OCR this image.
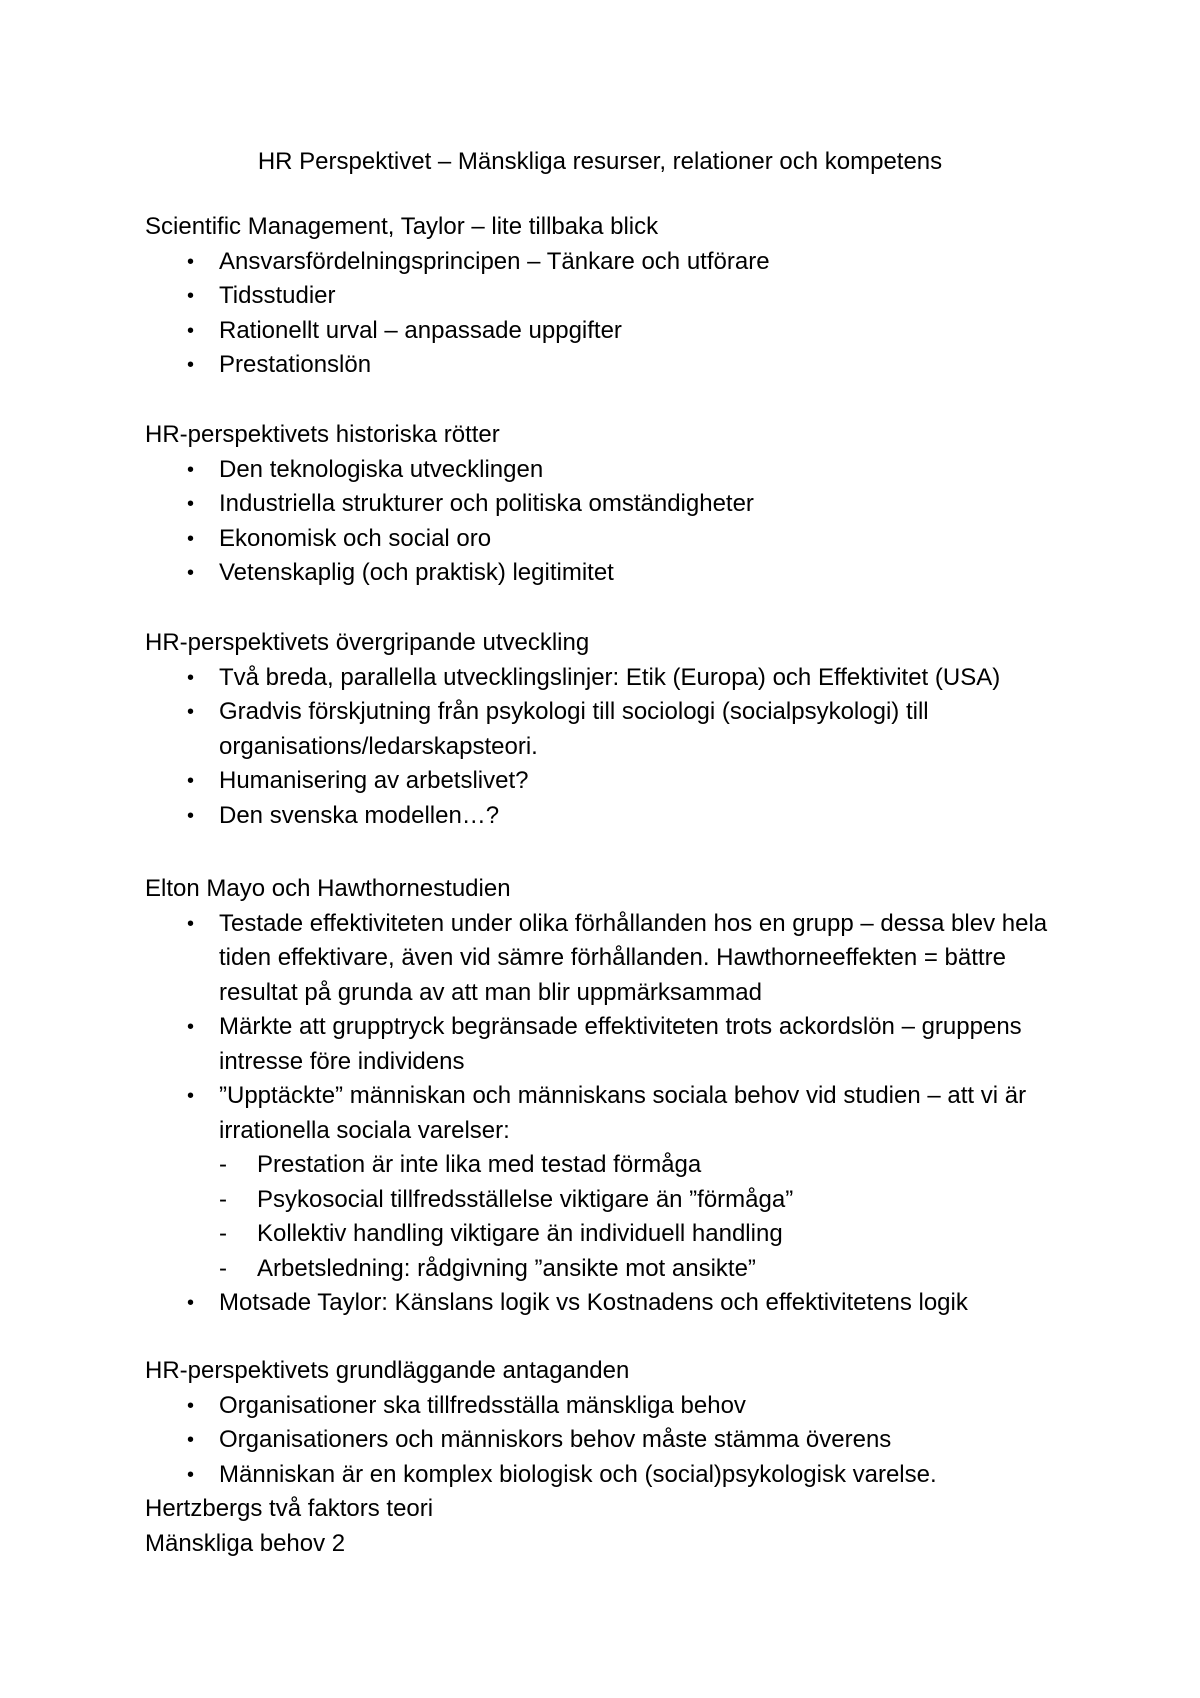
HR Perspektivet – Mänskliga resurser, relationer och kompetens
Scientific Management, Taylor – lite tillbaka blick
• Ansvarsfördelningsprincipen – Tänkare och utförare
• Tidsstudier
• Rationellt urval – anpassade uppgifter
• Prestationslön
HR-perspektivets historiska rötter
• Den teknologiska utvecklingen
• Industriella strukturer och politiska omständigheter
• Ekonomisk och social oro
• Vetenskaplig (och praktisk) legitimitet
HR-perspektivets övergripande utveckling
• Två breda, parallella utvecklingslinjer: Etik (Europa) och Effektivitet (USA)
• Gradvis förskjutning från psykologi till sociologi (socialpsykologi) till organisations/ledarskapsteori.
• Humanisering av arbetslivet?
• Den svenska modellen…?
Elton Mayo och Hawthornestudien
• Testade effektiviteten under olika förhållanden hos en grupp – dessa blev hela tiden effektivare, även vid sämre förhållanden. Hawthorneeffekten = bättre resultat på grunda av att man blir uppmärksammad
• Märkte att grupptryck begränsade effektiviteten trots ackordslön – gruppens intresse före individens
• ”Upptäckte” människan och människans sociala behov vid studien – att vi är irrationella sociala varelser:
- Prestation är inte lika med testad förmåga
- Psykosocial tillfredsställelse viktigare än ”förmåga”
- Kollektiv handling viktigare än individuell handling
- Arbetsledning: rådgivning ”ansikte mot ansikte”
• Motsade Taylor: Känslans logik vs Kostnadens och effektivitetens logik
HR-perspektivets grundläggande antaganden
• Organisationer ska tillfredsställa mänskliga behov
• Organisationers och människors behov måste stämma överens
• Människan är en komplex biologisk och (social)psykologisk varelse.
Hertzbergs två faktors teori
Mänskliga behov 2
